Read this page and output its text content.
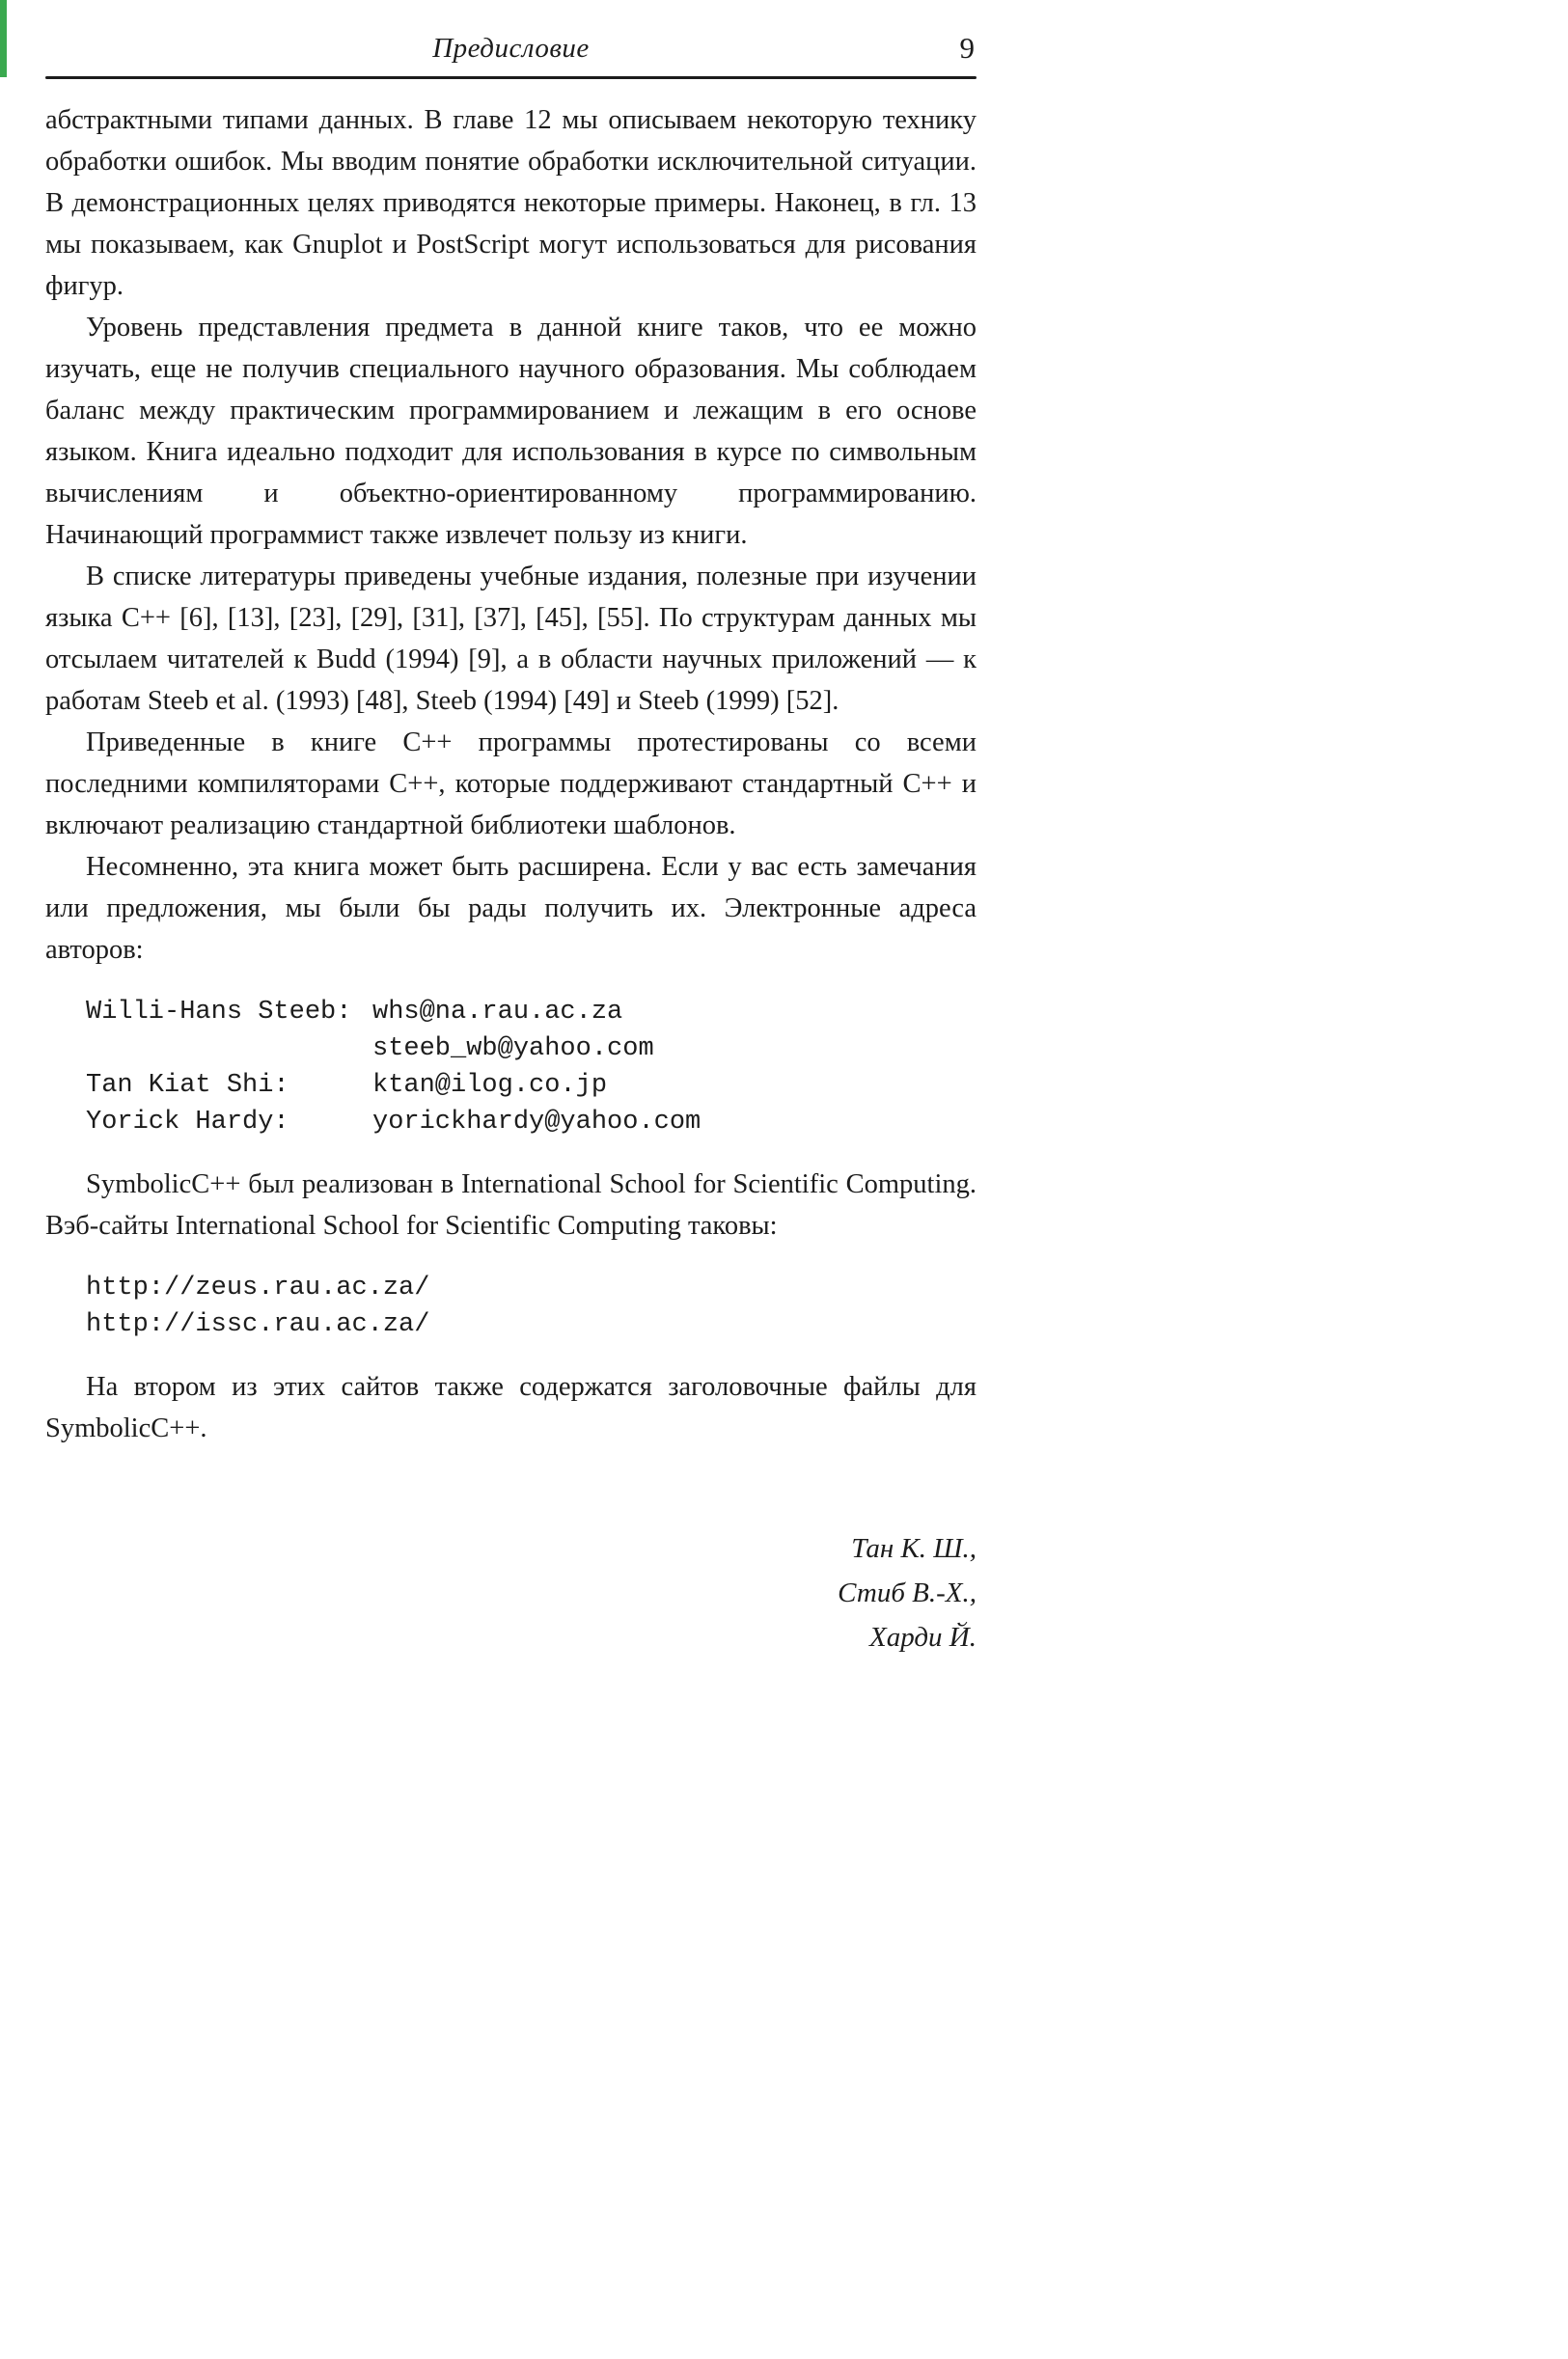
Предисловие	9

абстрактными типами данных. В главе 12 мы описываем некоторую технику обработки ошибок. Мы вводим понятие обработки исключительной ситуации. В демонстрационных целях приводятся некоторые примеры. Наконец, в гл. 13 мы показываем, как Gnuplot и PostScript могут использоваться для рисования фигур.

Уровень представления предмета в данной книге таков, что ее можно изучать, еще не получив специального научного образования. Мы соблюдаем баланс между практическим программированием и лежащим в его основе языком. Книга идеально подходит для использования в курсе по символьным вычислениям и объектно-ориентированному программированию. Начинающий программист также извлечет пользу из книги.

В списке литературы приведены учебные издания, полезные при изучении языка C++ [6], [13], [23], [29], [31], [37], [45], [55]. По структурам данных мы отсылаем читателей к Budd (1994) [9], а в области научных приложений — к работам Steeb et al. (1993) [48], Steeb (1994) [49] и Steeb (1999) [52].

Приведенные в книге C++ программы протестированы со всеми последними компиляторами C++, которые поддерживают стандартный C++ и включают реализацию стандартной библиотеки шаблонов.

Несомненно, эта книга может быть расширена. Если у вас есть замечания или предложения, мы были бы рады получить их. Электронные адреса авторов:

Willi-Hans Steeb: whs@na.rau.ac.za
steeb_wb@yahoo.com
Tan Kiat Shi:	ktan@ilog.co.jp
Yorick Hardy:	yorickhardy@yahoo.com

SymbolicC++ был реализован в International School for Scientific Computing. Вэб-сайты International School for Scientific Computing таковы:

http://zeus.rau.ac.za/
http://issc.rau.ac.za/

На втором из этих сайтов также содержатся заголовочные файлы для SymbolicC++.

Тан К. Ш.,
Стиб В.-Х.,
Харди Й.
